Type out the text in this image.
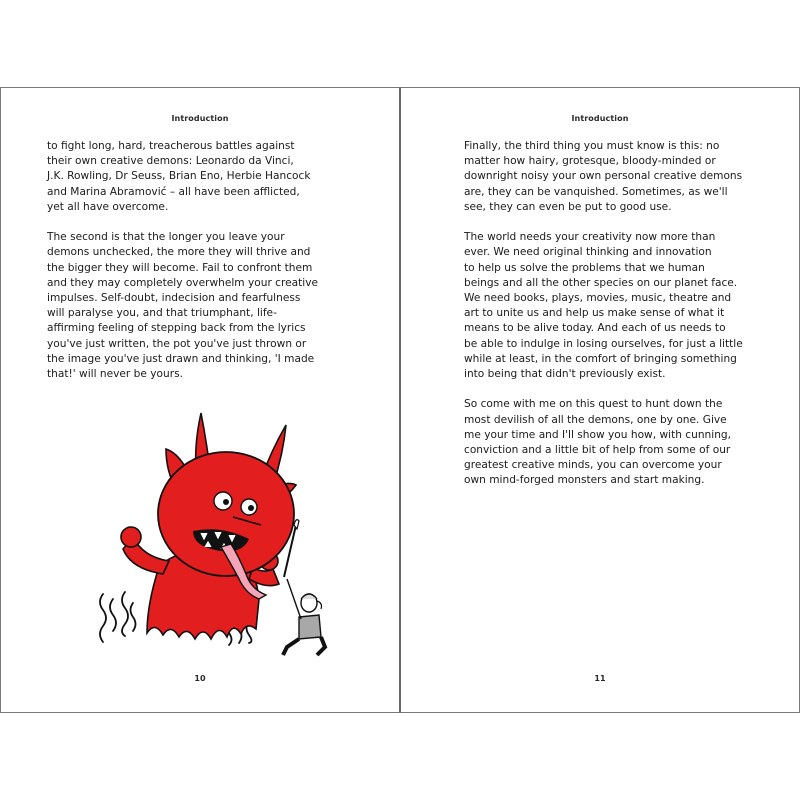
Introduction

to fight long, hard, treacherous battles against
their own creative demons: Leonardo da Vinci,
J.K. Rowling, Dr Seuss, Brian Eno, Herbie Hancock
and Marina Abramović – all have been afflicted,
yet all have overcome.

The second is that the longer you leave your
demons unchecked, the more they will thrive and
the bigger they will become. Fail to confront them
and they may completely overwhelm your creative
impulses. Self-doubt, indecision and fearfulness
will paralyse you, and that triumphant, life-
affirming feeling of stepping back from the lyrics
you've just written, the pot you've just thrown or
the image you've just drawn and thinking, 'I made
that!' will never be yours.

10
Introduction

Finally, the third thing you must know is this: no
matter how hairy, grotesque, bloody-minded or
downright noisy your own personal creative demons
are, they can be vanquished. Sometimes, as we'll
see, they can even be put to good use.

The world needs your creativity now more than
ever. We need original thinking and innovation
to help us solve the problems that we human
beings and all the other species on our planet face.
We need books, plays, movies, music, theatre and
art to unite us and help us make sense of what it
means to be alive today. And each of us needs to
be able to indulge in losing ourselves, for just a little
while at least, in the comfort of bringing something
into being that didn't previously exist.

So come with me on this quest to hunt down the
most devilish of all the demons, one by one. Give
me your time and I'll show you how, with cunning,
conviction and a little bit of help from some of our
greatest creative minds, you can overcome your
own mind-forged monsters and start making.

11
